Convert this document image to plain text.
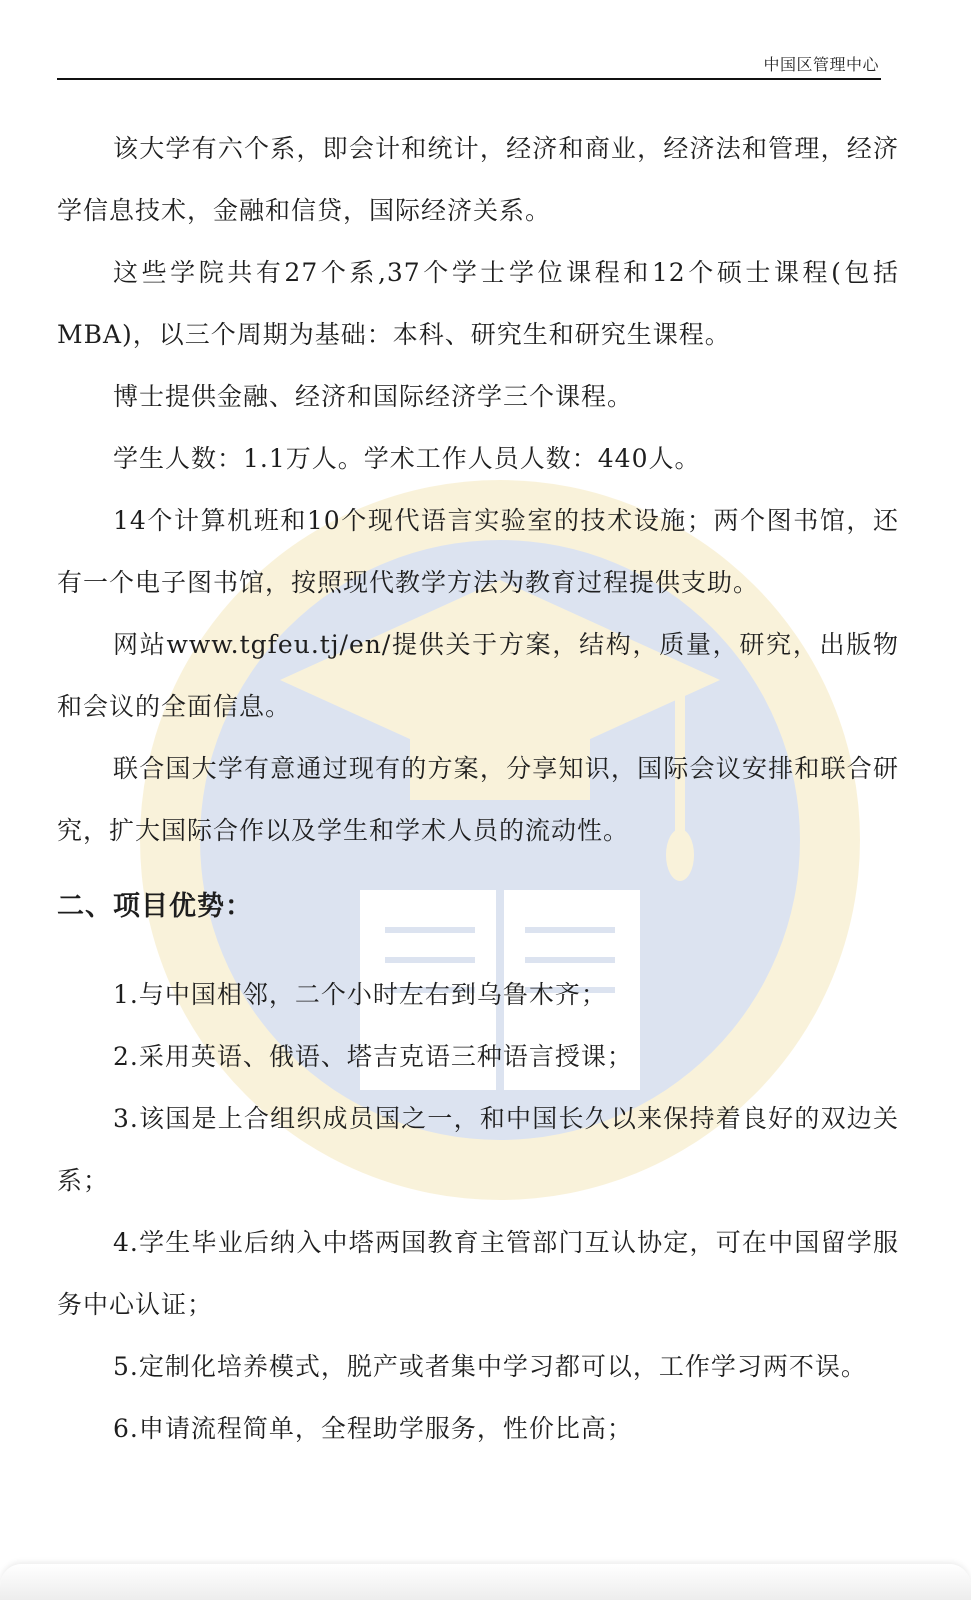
中国区管理中心

该大学有六个系，即会计和统计，经济和商业，经济法和管理，经济学信息技术，金融和信贷，国际经济关系。

这些学院共有27个系,37个学士学位课程和12个硕士课程(包括MBA)，以三个周期为基础：本科、研究生和研究生课程。

博士提供金融、经济和国际经济学三个课程。

学生人数：1.1万人。学术工作人员人数：440人。

14个计算机班和10个现代语言实验室的技术设施；两个图书馆，还有一个电子图书馆，按照现代教学方法为教育过程提供支助。

网站www.tgfeu.tj/en/提供关于方案，结构，质量，研究，出版物和会议的全面信息。

联合国大学有意通过现有的方案，分享知识，国际会议安排和联合研究，扩大国际合作以及学生和学术人员的流动性。

二、项目优势：

1.与中国相邻，二个小时左右到乌鲁木齐；

2.采用英语、俄语、塔吉克语三种语言授课；

3.该国是上合组织成员国之一，和中国长久以来保持着良好的双边关系；

4.学生毕业后纳入中塔两国教育主管部门互认协定，可在中国留学服务中心认证；

5.定制化培养模式，脱产或者集中学习都可以，工作学习两不误。

6.申请流程简单，全程助学服务，性价比高；
